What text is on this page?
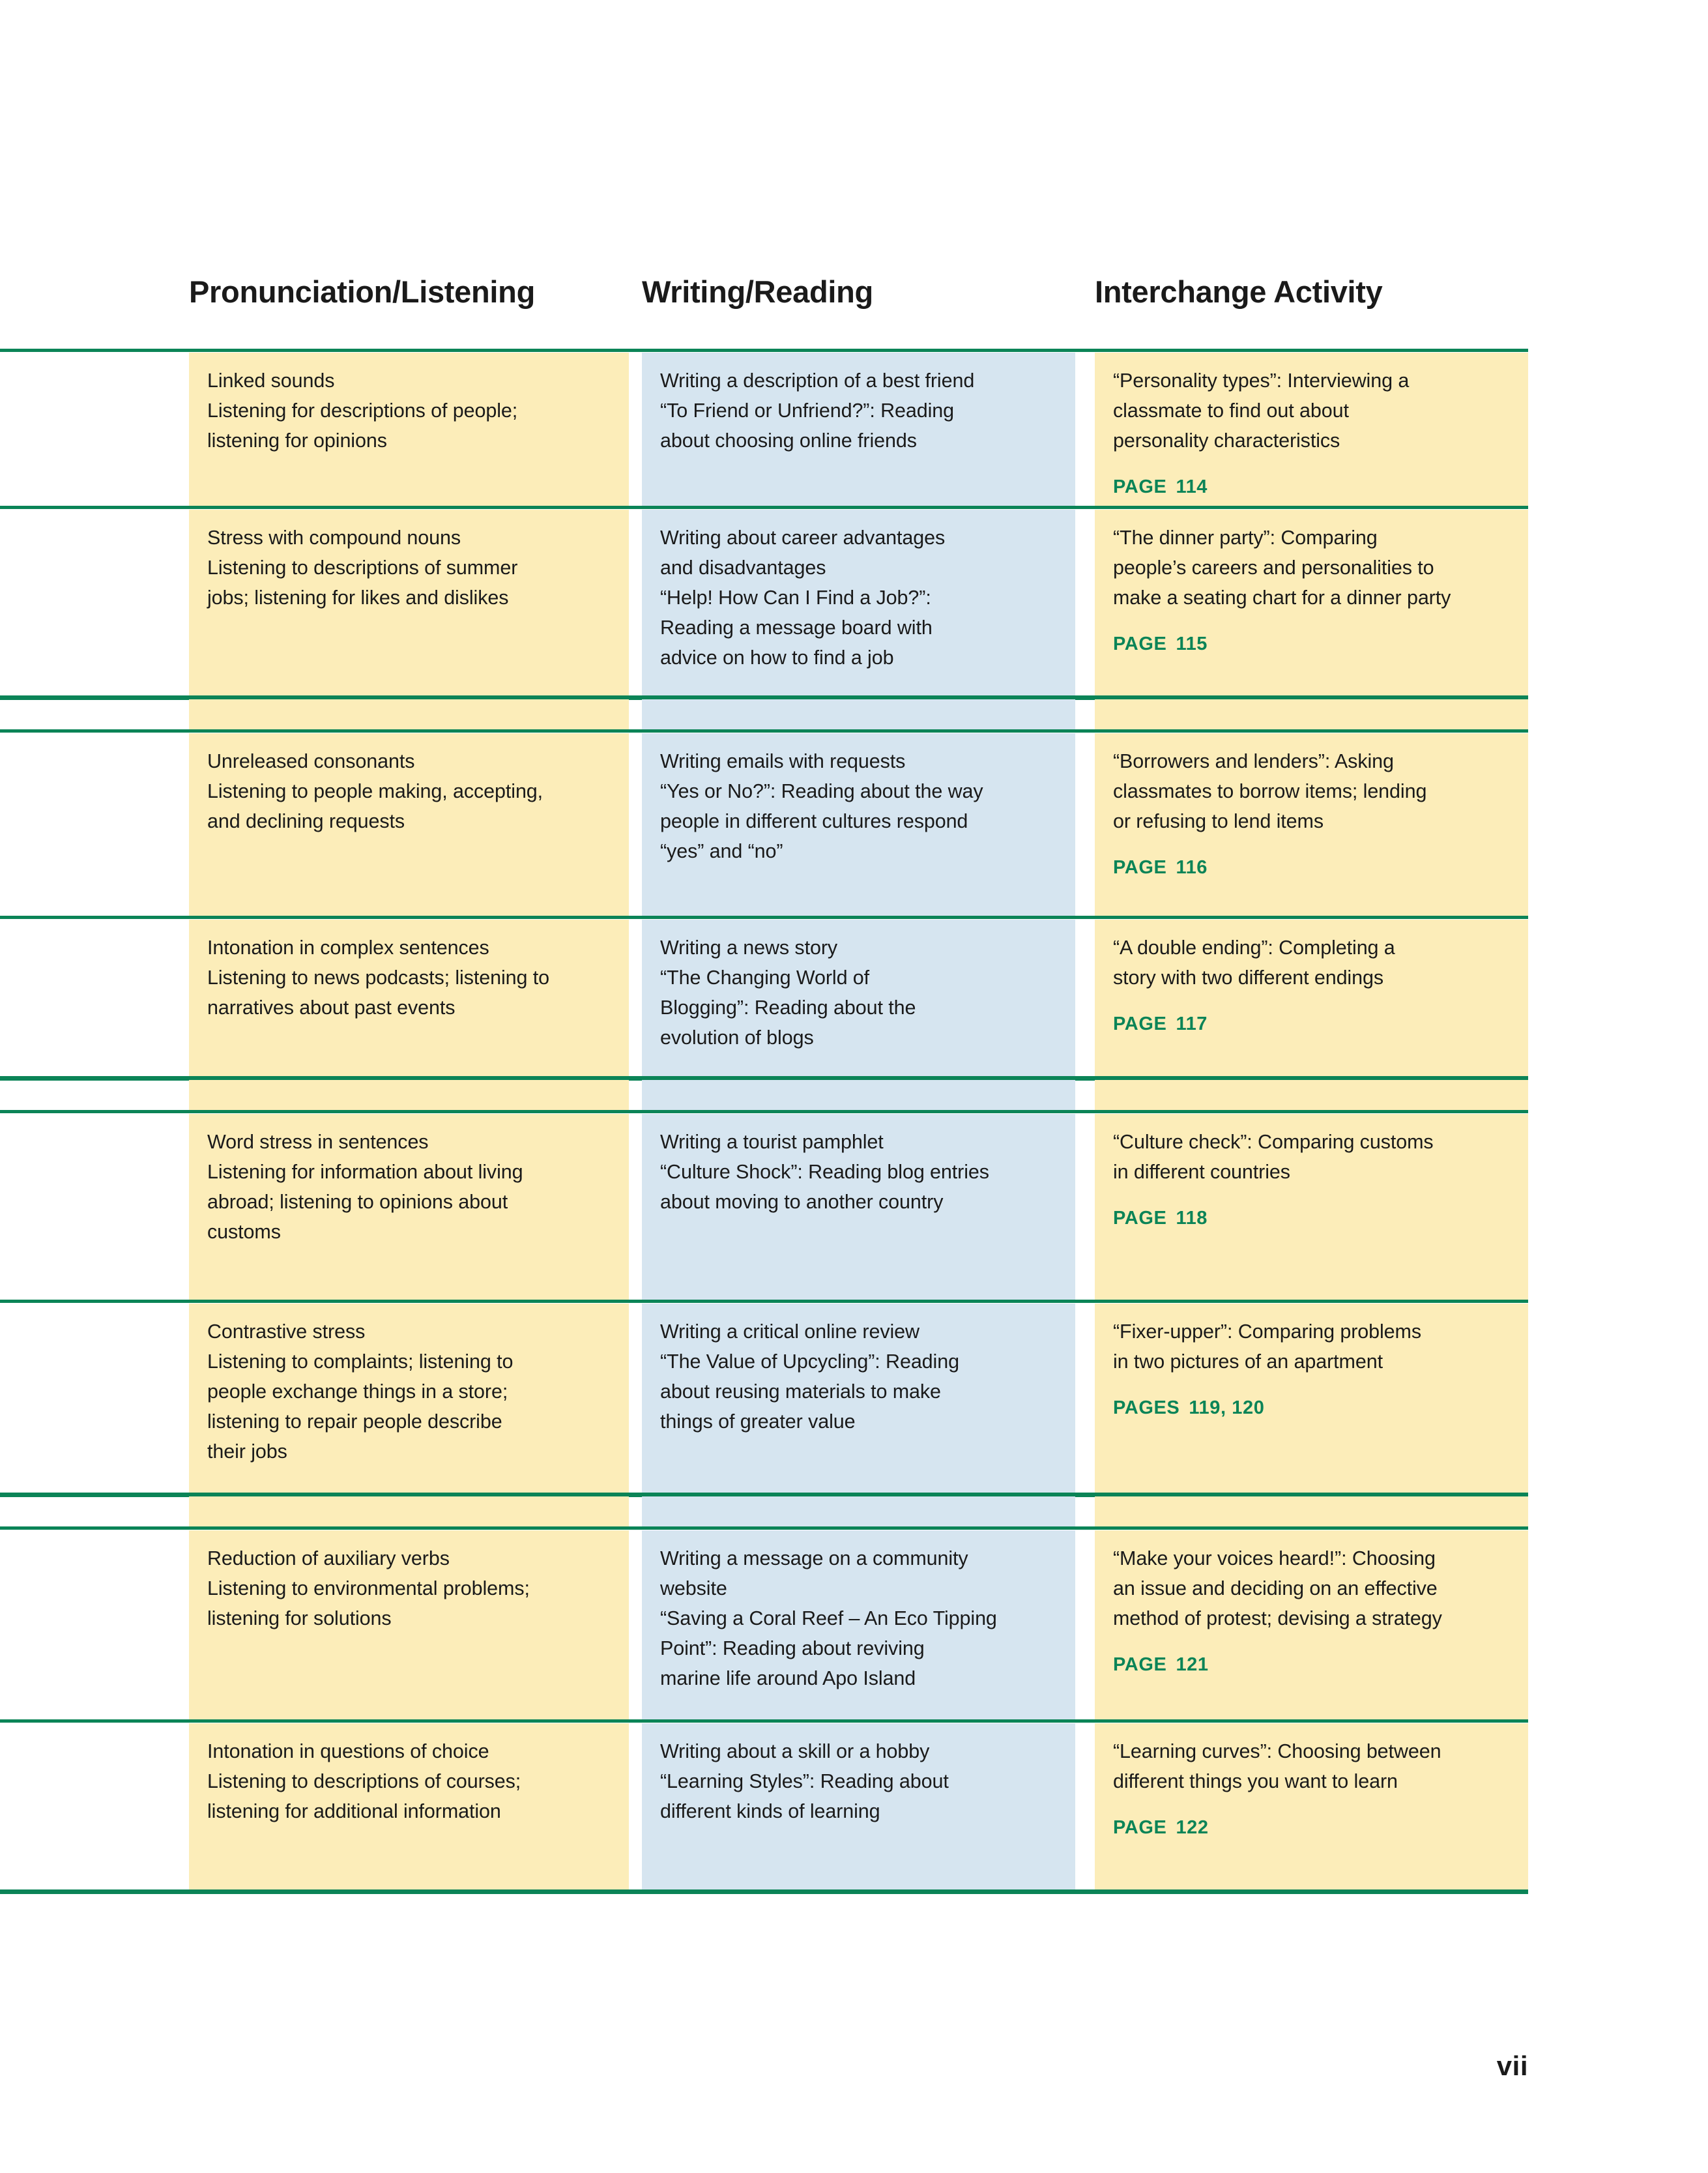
Pronunciation/Listening	Writing/Reading	Interchange Activity

Linked sounds
Listening for descriptions of people;
listening for opinions

Writing a description of a best friend
“To Friend or Unfriend?”: Reading
about choosing online friends

“Personality types”: Interviewing a
classmate to find out about
personality characteristics

PAGE 114

Stress with compound nouns
Listening to descriptions of summer
jobs; listening for likes and dislikes

Writing about career advantages
and disadvantages
“Help! How Can I Find a Job?”:
Reading a message board with
advice on how to find a job

“The dinner party”: Comparing
people’s careers and personalities to
make a seating chart for a dinner party

PAGE 115

Unreleased consonants
Listening to people making, accepting,
and declining requests

Writing emails with requests
“Yes or No?”: Reading about the way
people in different cultures respond
“yes” and “no”

“Borrowers and lenders”: Asking
classmates to borrow items; lending
or refusing to lend items

PAGE 116

Intonation in complex sentences
Listening to news podcasts; listening to
narratives about past events

Writing a news story
“The Changing World of
Blogging”: Reading about the
evolution of blogs

“A double ending”: Completing a
story with two different endings

PAGE 117

Word stress in sentences
Listening for information about living
abroad; listening to opinions about
customs

Writing a tourist pamphlet
“Culture Shock”: Reading blog entries
about moving to another country

“Culture check”: Comparing customs
in different countries

PAGE 118

Contrastive stress
Listening to complaints; listening to
people exchange things in a store;
listening to repair people describe
their jobs

Writing a critical online review
“The Value of Upcycling”: Reading
about reusing materials to make
things of greater value

“Fixer-upper”: Comparing problems
in two pictures of an apartment

PAGES 119, 120

Reduction of auxiliary verbs
Listening to environmental problems;
listening for solutions

Writing a message on a community
website
“Saving a Coral Reef – An Eco Tipping
Point”: Reading about reviving
marine life around Apo Island

“Make your voices heard!”: Choosing
an issue and deciding on an effective
method of protest; devising a strategy

PAGE 121

Intonation in questions of choice
Listening to descriptions of courses;
listening for additional information

Writing about a skill or a hobby
“Learning Styles”: Reading about
different kinds of learning

“Learning curves”: Choosing between
different things you want to learn

PAGE 122
vii
